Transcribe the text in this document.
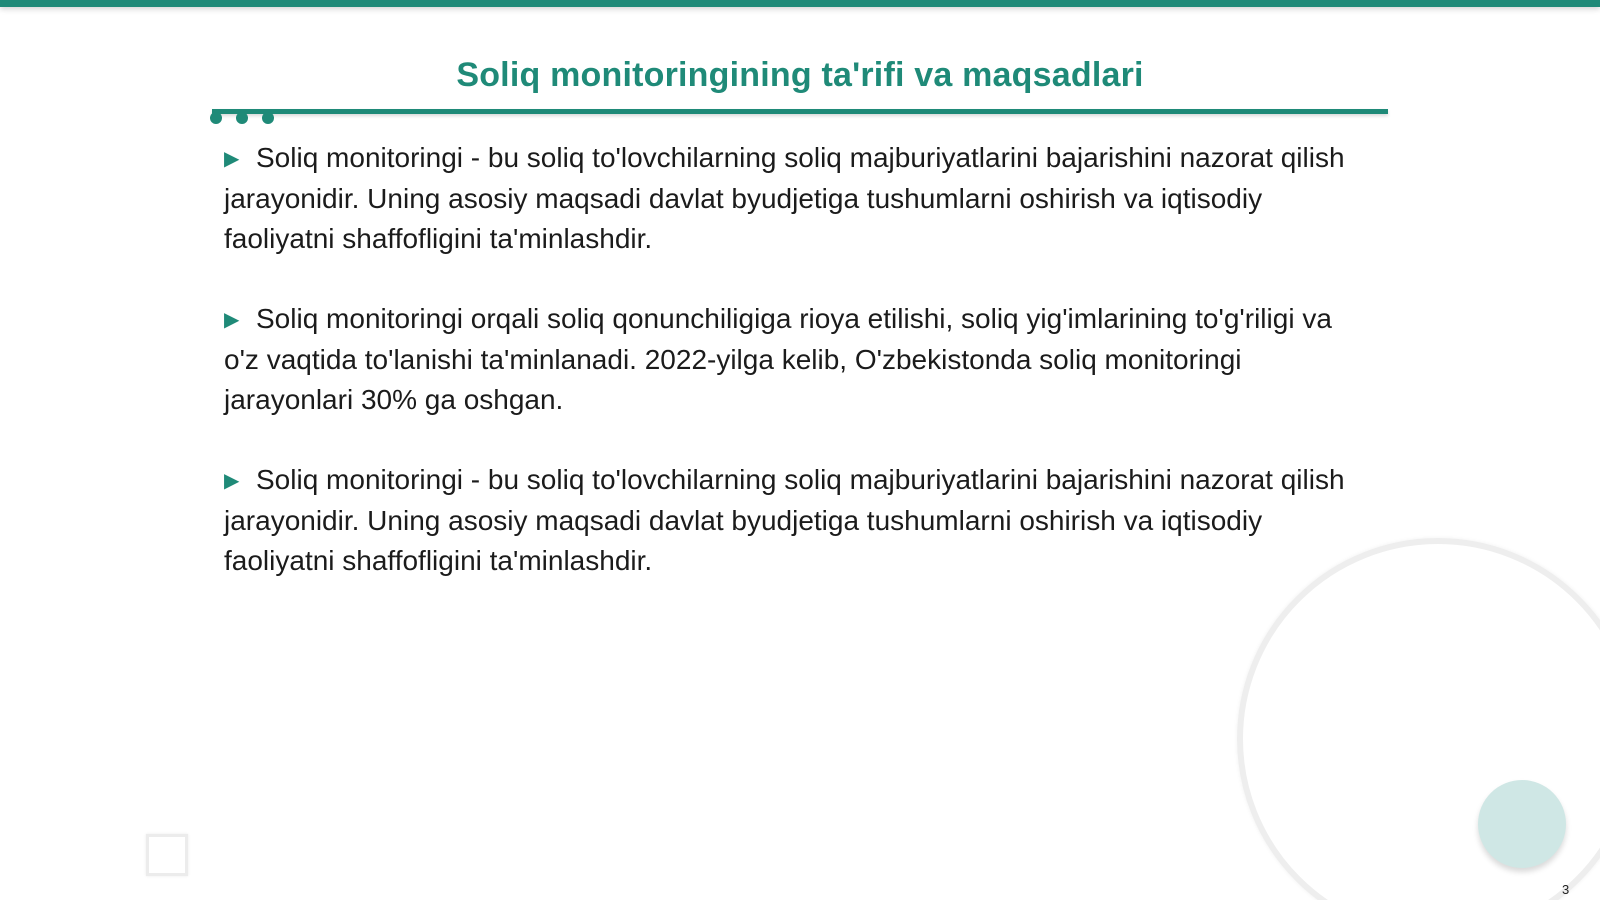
Soliq monitoringining ta'rifi va maqsadlari

▶ Soliq monitoringi - bu soliq to'lovchilarning soliq majburiyatlarini bajarishini nazorat qilish jarayonidir. Uning asosiy maqsadi davlat byudjetiga tushumlarni oshirish va iqtisodiy faoliyatni shaffofligini ta'minlashdir.

▶ Soliq monitoringi orqali soliq qonunchiligiga rioya etilishi, soliq yig'imlarining to'g'riligi va o'z vaqtida to'lanishi ta'minlanadi. 2022-yilga kelib, O'zbekistonda soliq monitoringi jarayonlari 30% ga oshgan.

▶ Soliq monitoringi - bu soliq to'lovchilarning soliq majburiyatlarini bajarishini nazorat qilish jarayonidir. Uning asosiy maqsadi davlat byudjetiga tushumlarni oshirish va iqtisodiy faoliyatni shaffofligini ta'minlashdir.

3
